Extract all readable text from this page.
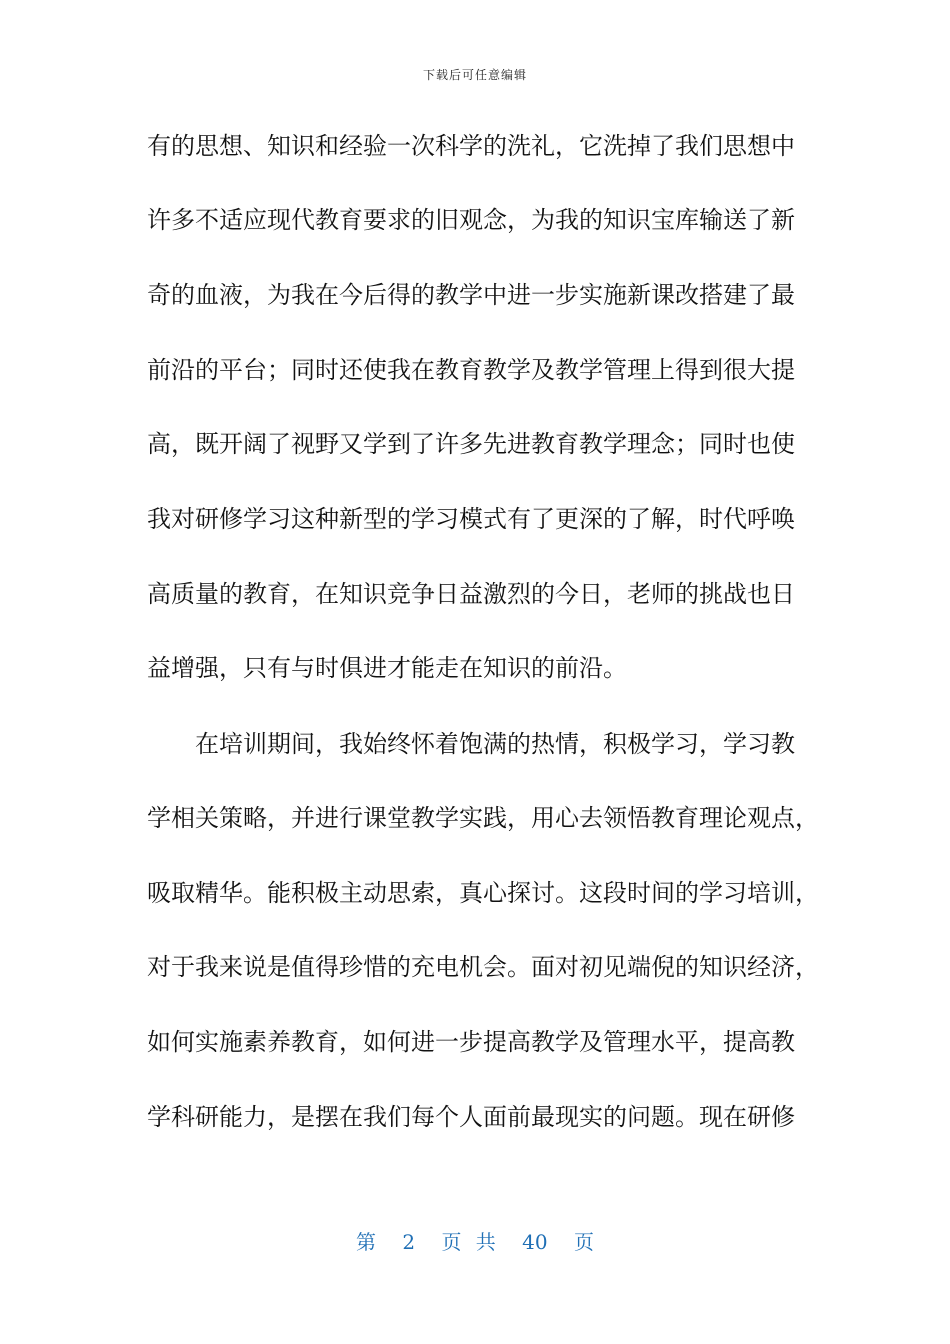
下载后可任意编辑
有的思想、知识和经验一次科学的洗礼，它洗掉了我们思想中
许多不适应现代教育要求的旧观念，为我的知识宝库输送了新
奇的血液，为我在今后得的教学中进一步实施新课改搭建了最
前沿的平台；同时还使我在教育教学及教学管理上得到很大提
高，既开阔了视野又学到了许多先进教育教学理念；同时也使
我对研修学习这种新型的学习模式有了更深的了解，时代呼唤
高质量的教育，在知识竞争日益激烈的今日，老师的挑战也日
益增强，只有与时俱进才能走在知识的前沿。
　　在培训期间，我始终怀着饱满的热情，积极学习，学习教
学相关策略，并进行课堂教学实践，用心去领悟教育理论观点，
吸取精华。能积极主动思索，真心探讨。这段时间的学习培训，
对于我来说是值得珍惜的充电机会。面对初见端倪的知识经济，
如何实施素养教育，如何进一步提高教学及管理水平，提高教
学科研能力，是摆在我们每个人面前最现实的问题。现在研修
第 2 页 共 40 页
